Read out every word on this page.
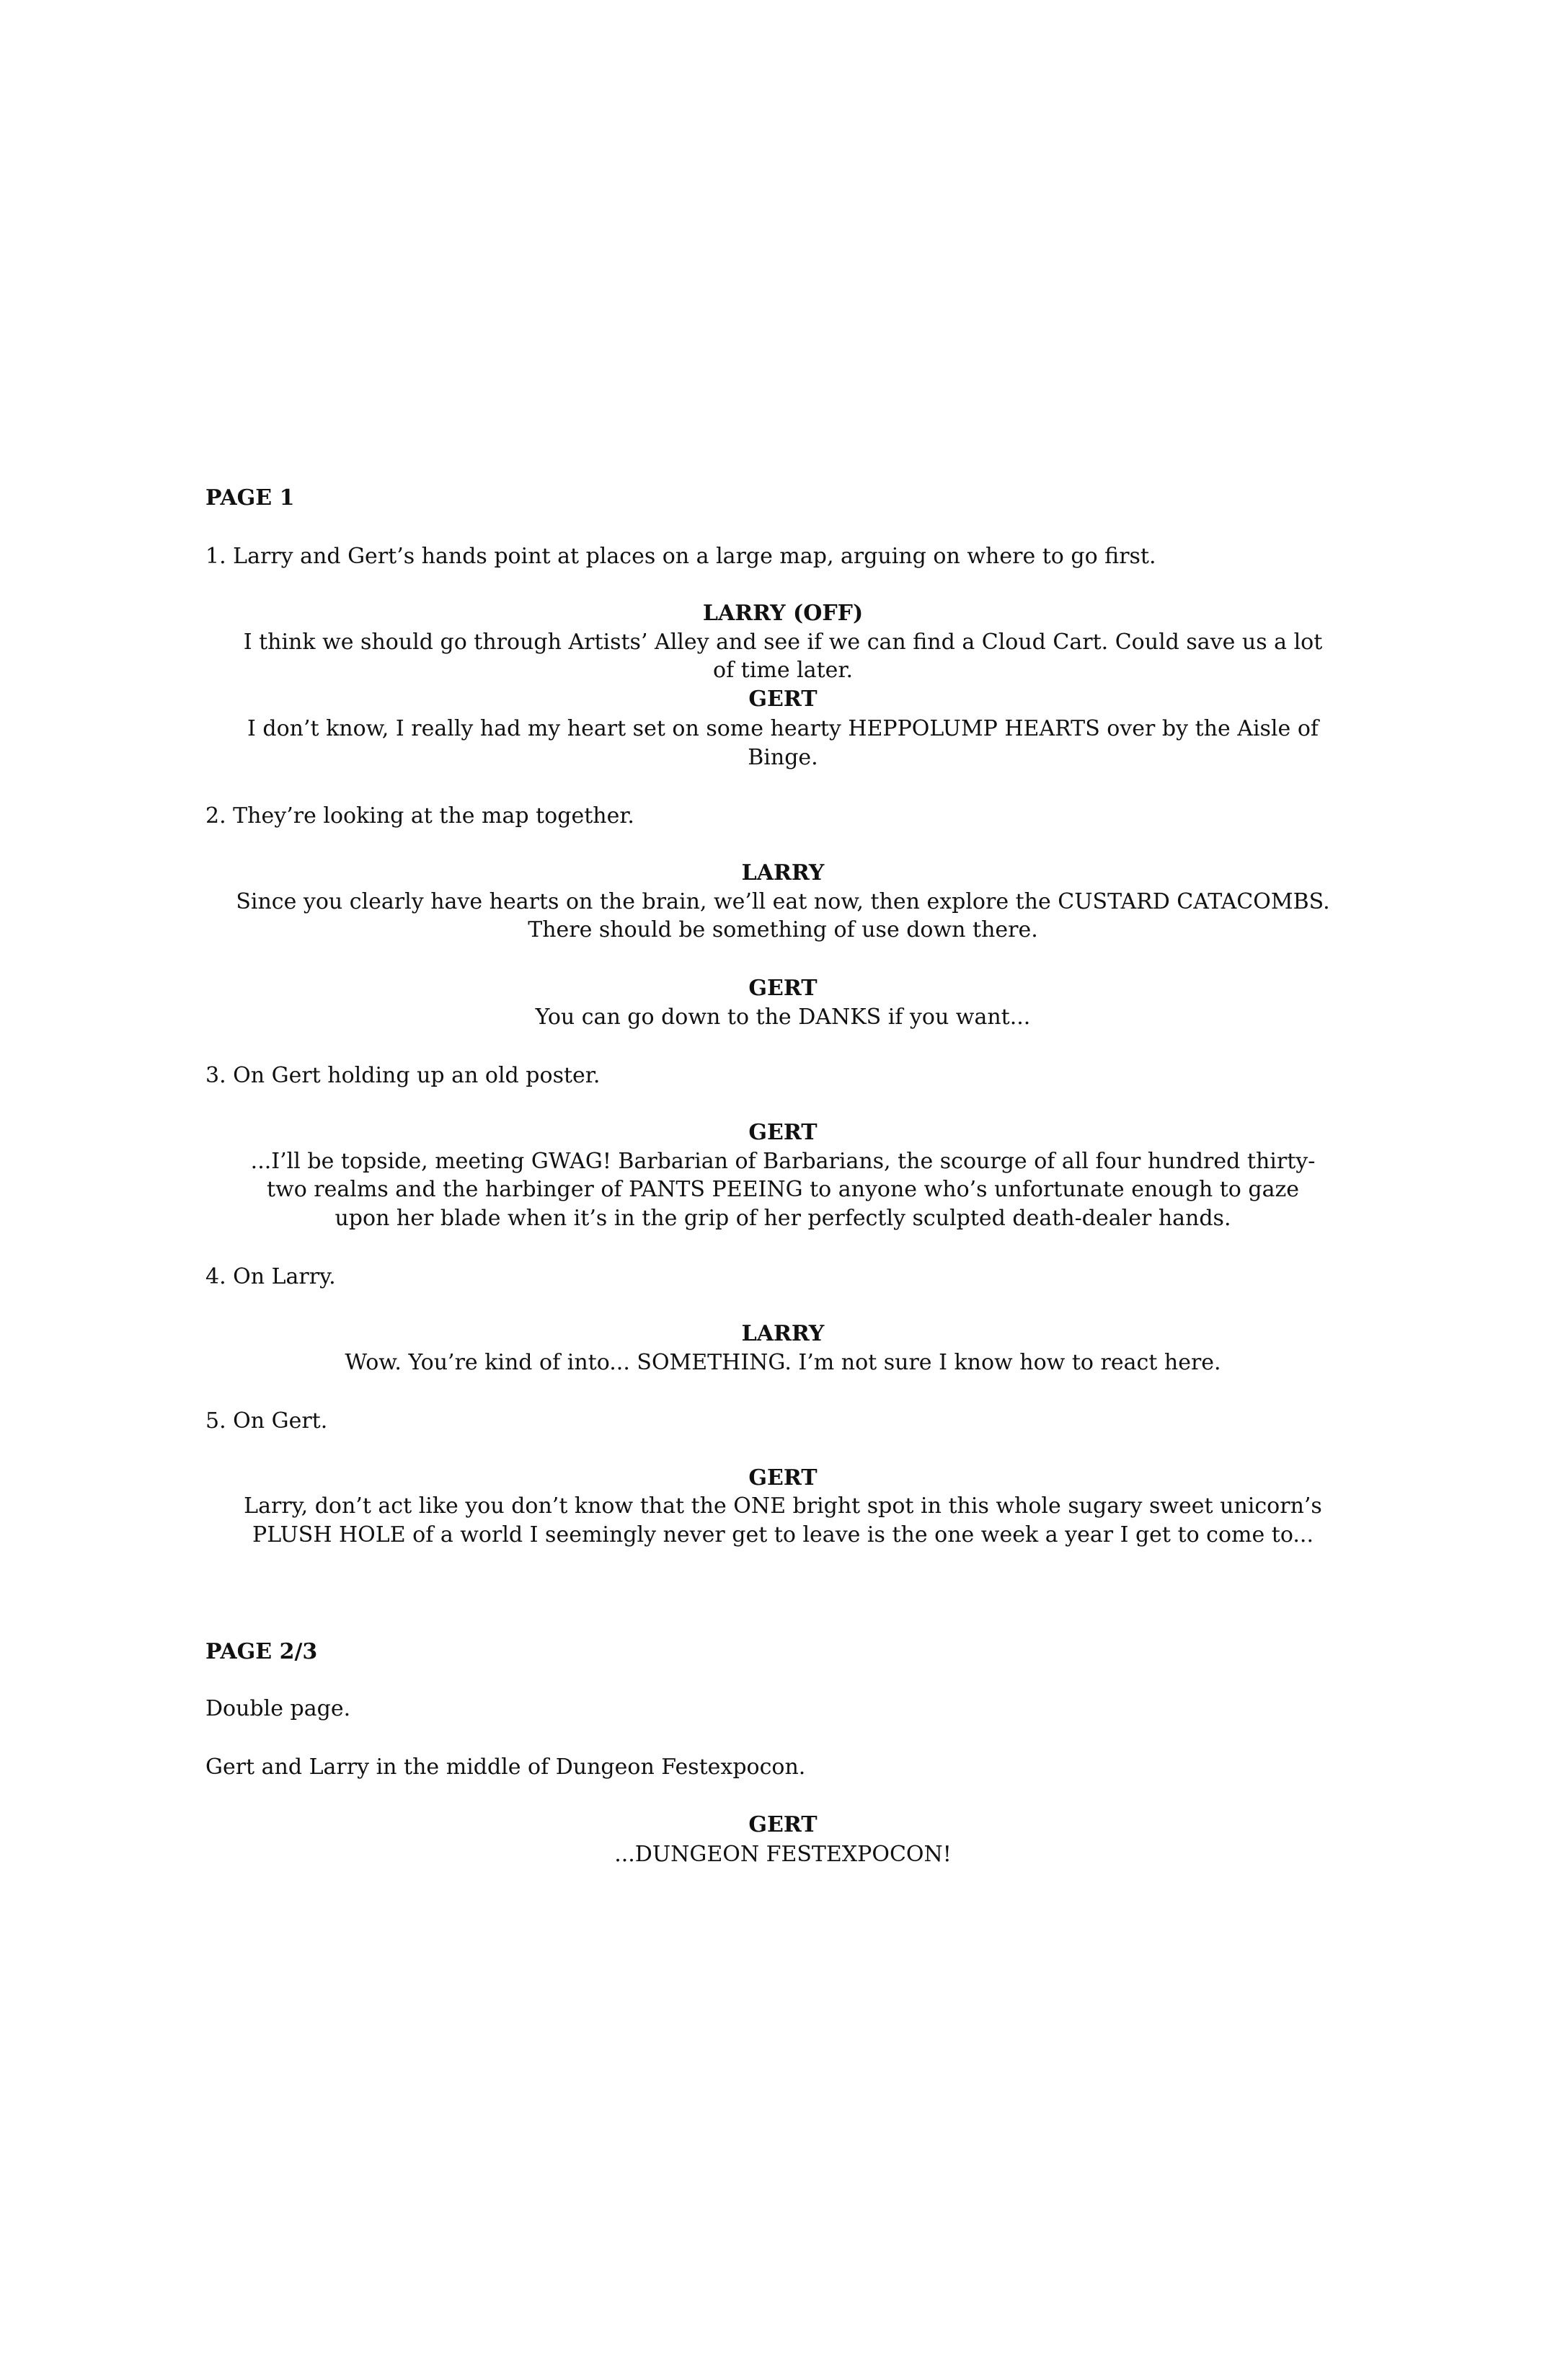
PAGE 1
1. Larry and Gert’s hands point at places on a large map, arguing on where to go first.
LARRY (OFF)
I think we should go through Artists’ Alley and see if we can find a Cloud Cart. Could save us a lot
of time later.
GERT
I don’t know, I really had my heart set on some hearty HEPPOLUMP HEARTS over by the Aisle of
Binge.
2. They’re looking at the map together.
LARRY
Since you clearly have hearts on the brain, we’ll eat now, then explore the CUSTARD CATACOMBS.
There should be something of use down there.
GERT
You can go down to the DANKS if you want...
3. On Gert holding up an old poster.
GERT
...I’ll be topside, meeting GWAG! Barbarian of Barbarians, the scourge of all four hundred thirty-
two realms and the harbinger of PANTS PEEING to anyone who’s unfortunate enough to gaze
upon her blade when it’s in the grip of her perfectly sculpted death-dealer hands.
4. On Larry.
LARRY
Wow. You’re kind of into... SOMETHING. I’m not sure I know how to react here.
5. On Gert.
GERT
Larry, don’t act like you don’t know that the ONE bright spot in this whole sugary sweet unicorn’s
PLUSH HOLE of a world I seemingly never get to leave is the one week a year I get to come to...
PAGE 2/3
Double page.
Gert and Larry in the middle of Dungeon Festexpocon.
GERT
...DUNGEON FESTEXPOCON!
